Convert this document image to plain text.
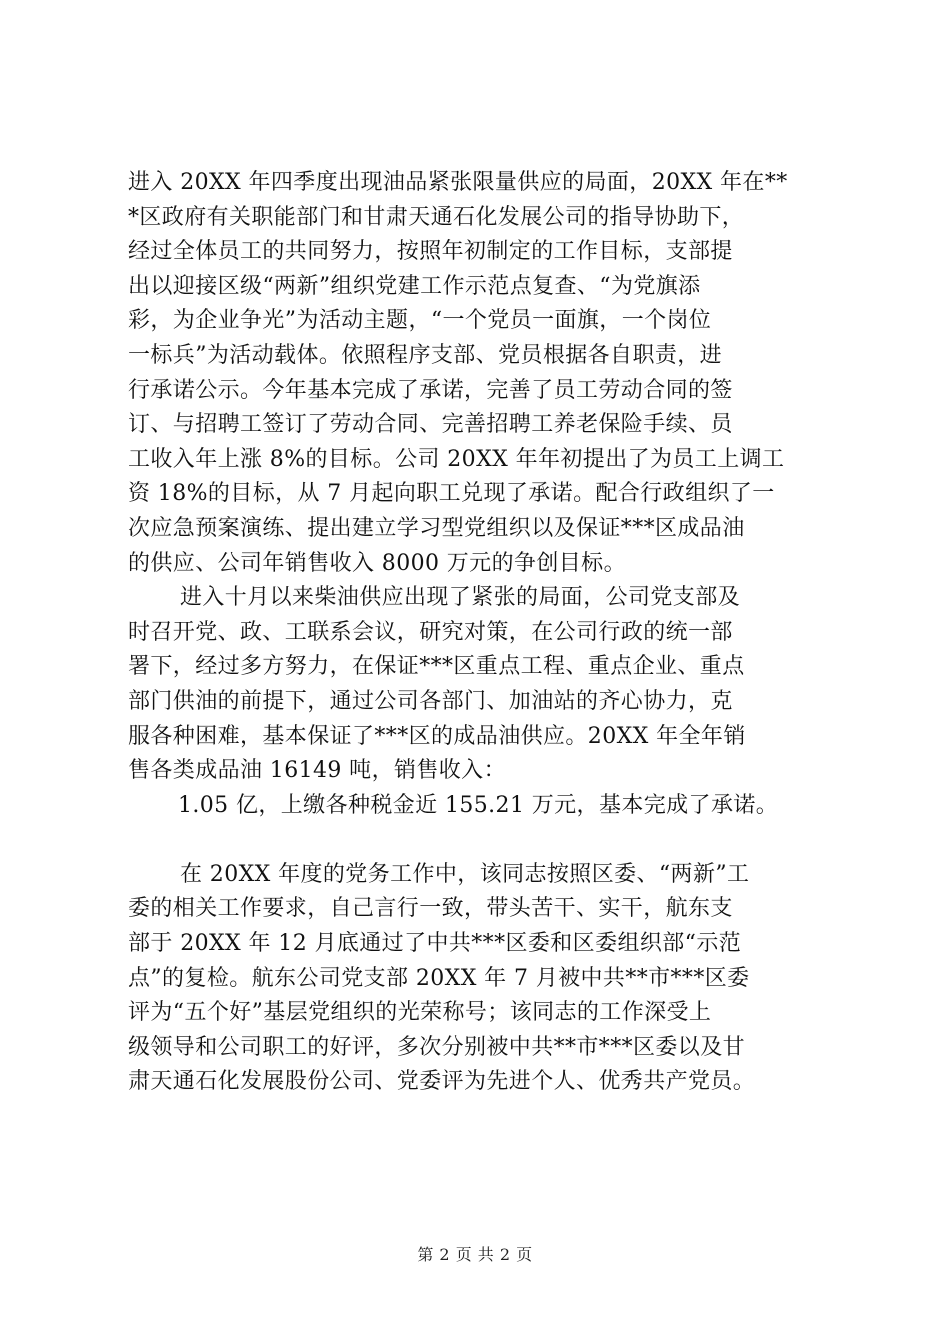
进入 20XX 年四季度出现油品紧张限量供应的局面，20XX 年在**
*区政府有关职能部门和甘肃天通石化发展公司的指导协助下，
经过全体员工的共同努力，按照年初制定的工作目标，支部提
出以迎接区级“两新”组织党建工作示范点复查、“为党旗添
彩，为企业争光”为活动主题，“一个党员一面旗，一个岗位
一标兵”为活动载体。依照程序支部、党员根据各自职责，进
行承诺公示。今年基本完成了承诺，完善了员工劳动合同的签
订、与招聘工签订了劳动合同、完善招聘工养老保险手续、员
工收入年上涨 8%的目标。公司 20XX 年年初提出了为员工上调工
资 18%的目标，从 7 月起向职工兑现了承诺。配合行政组织了一
次应急预案演练、提出建立学习型党组织以及保证***区成品油
的供应、公司年销售收入 8000 万元的争创目标。
进入十月以来柴油供应出现了紧张的局面，公司党支部及
时召开党、政、工联系会议，研究对策，在公司行政的统一部
署下，经过多方努力，在保证***区重点工程、重点企业、重点
部门供油的前提下，通过公司各部门、加油站的齐心协力，克
服各种困难，基本保证了***区的成品油供应。20XX 年全年销
售各类成品油 16149 吨，销售收入：
1.05 亿，上缴各种税金近 155.21 万元，基本完成了承诺。
在 20XX 年度的党务工作中，该同志按照区委、“两新”工
委的相关工作要求，自己言行一致，带头苦干、实干，航东支
部于 20XX 年 12 月底通过了中共***区委和区委组织部“示范
点”的复检。航东公司党支部 20XX 年 7 月被中共**市***区委
评为“五个好”基层党组织的光荣称号；该同志的工作深受上
级领导和公司职工的好评，多次分别被中共**市***区委以及甘
肃天通石化发展股份公司、党委评为先进个人、优秀共产党员。
第 2 页 共 2 页
